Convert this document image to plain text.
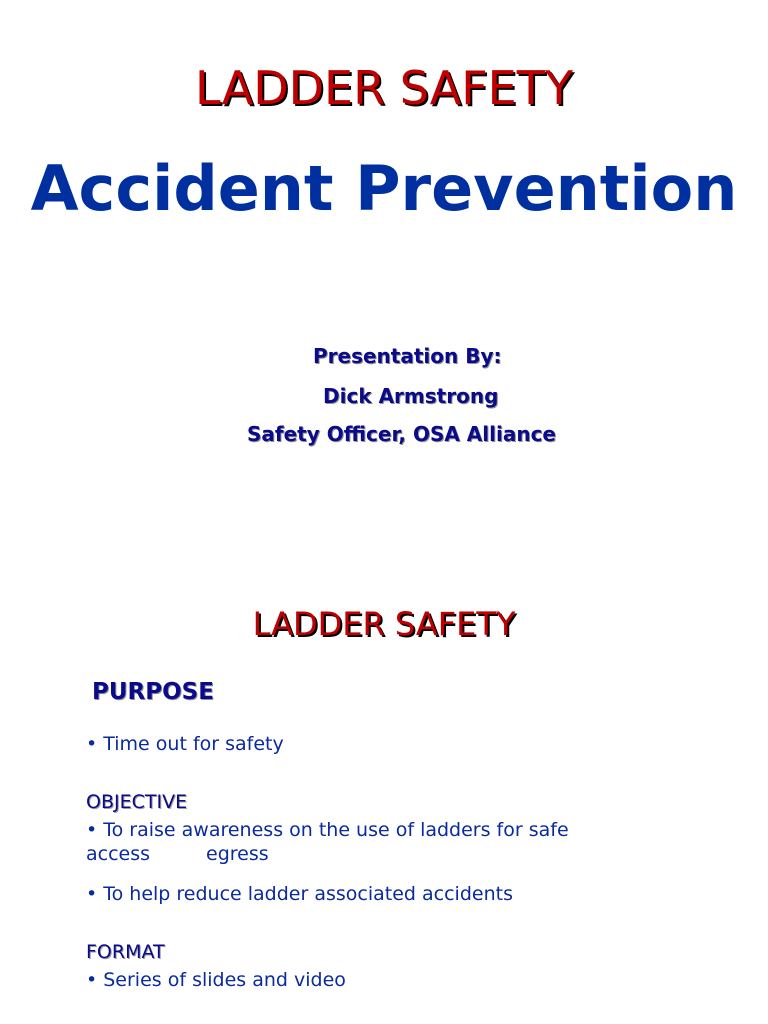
LADDER SAFETY
Accident Prevention
Presentation By:
Dick Armstrong
Safety Officer, OSA Alliance
LADDER SAFETY
PURPOSE
• Time out for safety
OBJECTIVE
• To raise awareness on the use of ladders for safe
access	egress
• To help reduce ladder associated accidents
FORMAT
• Series of slides and video
